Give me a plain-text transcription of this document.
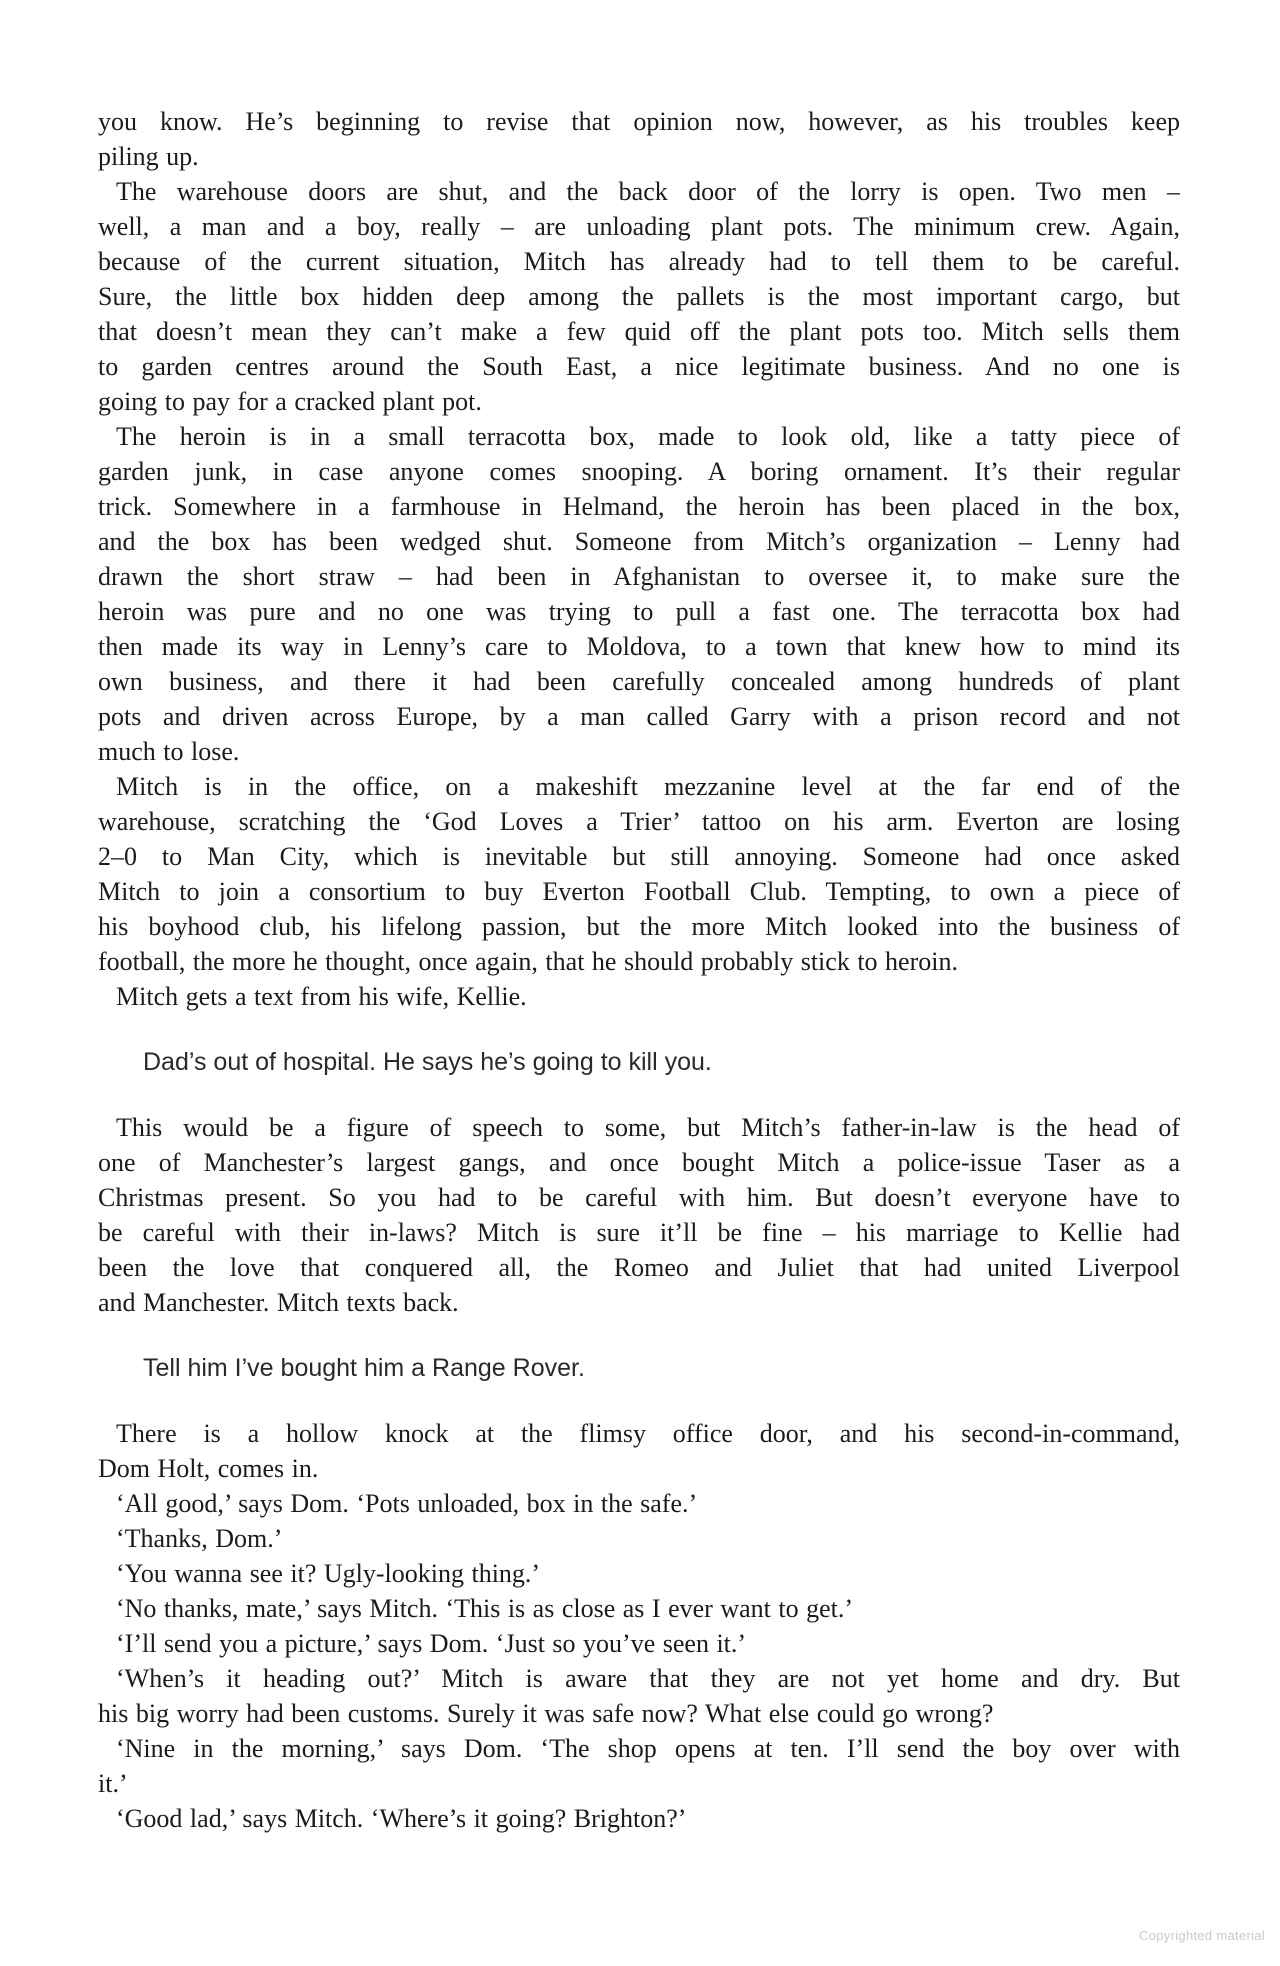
you know. He’s beginning to revise that opinion now, however, as his troubles keep
piling up.
The warehouse doors are shut, and the back door of the lorry is open. Two men –
well, a man and a boy, really – are unloading plant pots. The minimum crew. Again,
because of the current situation, Mitch has already had to tell them to be careful.
Sure, the little box hidden deep among the pallets is the most important cargo, but
that doesn’t mean they can’t make a few quid off the plant pots too. Mitch sells them
to garden centres around the South East, a nice legitimate business. And no one is
going to pay for a cracked plant pot.
The heroin is in a small terracotta box, made to look old, like a tatty piece of
garden junk, in case anyone comes snooping. A boring ornament. It’s their regular
trick. Somewhere in a farmhouse in Helmand, the heroin has been placed in the box,
and the box has been wedged shut. Someone from Mitch’s organization – Lenny had
drawn the short straw – had been in Afghanistan to oversee it, to make sure the
heroin was pure and no one was trying to pull a fast one. The terracotta box had
then made its way in Lenny’s care to Moldova, to a town that knew how to mind its
own business, and there it had been carefully concealed among hundreds of plant
pots and driven across Europe, by a man called Garry with a prison record and not
much to lose.
Mitch is in the office, on a makeshift mezzanine level at the far end of the
warehouse, scratching the ‘God Loves a Trier’ tattoo on his arm. Everton are losing
2–0 to Man City, which is inevitable but still annoying. Someone had once asked
Mitch to join a consortium to buy Everton Football Club. Tempting, to own a piece of
his boyhood club, his lifelong passion, but the more Mitch looked into the business of
football, the more he thought, once again, that he should probably stick to heroin.
Mitch gets a text from his wife, Kellie.
Dad’s out of hospital. He says he’s going to kill you.
This would be a figure of speech to some, but Mitch’s father-in-law is the head of
one of Manchester’s largest gangs, and once bought Mitch a police-issue Taser as a
Christmas present. So you had to be careful with him. But doesn’t everyone have to
be careful with their in-laws? Mitch is sure it’ll be fine – his marriage to Kellie had
been the love that conquered all, the Romeo and Juliet that had united Liverpool
and Manchester. Mitch texts back.
Tell him I’ve bought him a Range Rover.
There is a hollow knock at the flimsy office door, and his second-in-command,
Dom Holt, comes in.
‘All good,’ says Dom. ‘Pots unloaded, box in the safe.’
‘Thanks, Dom.’
‘You wanna see it? Ugly-looking thing.’
‘No thanks, mate,’ says Mitch. ‘This is as close as I ever want to get.’
‘I’ll send you a picture,’ says Dom. ‘Just so you’ve seen it.’
‘When’s it heading out?’ Mitch is aware that they are not yet home and dry. But
his big worry had been customs. Surely it was safe now? What else could go wrong?
‘Nine in the morning,’ says Dom. ‘The shop opens at ten. I’ll send the boy over with
it.’
‘Good lad,’ says Mitch. ‘Where’s it going? Brighton?’
Copyrighted material
